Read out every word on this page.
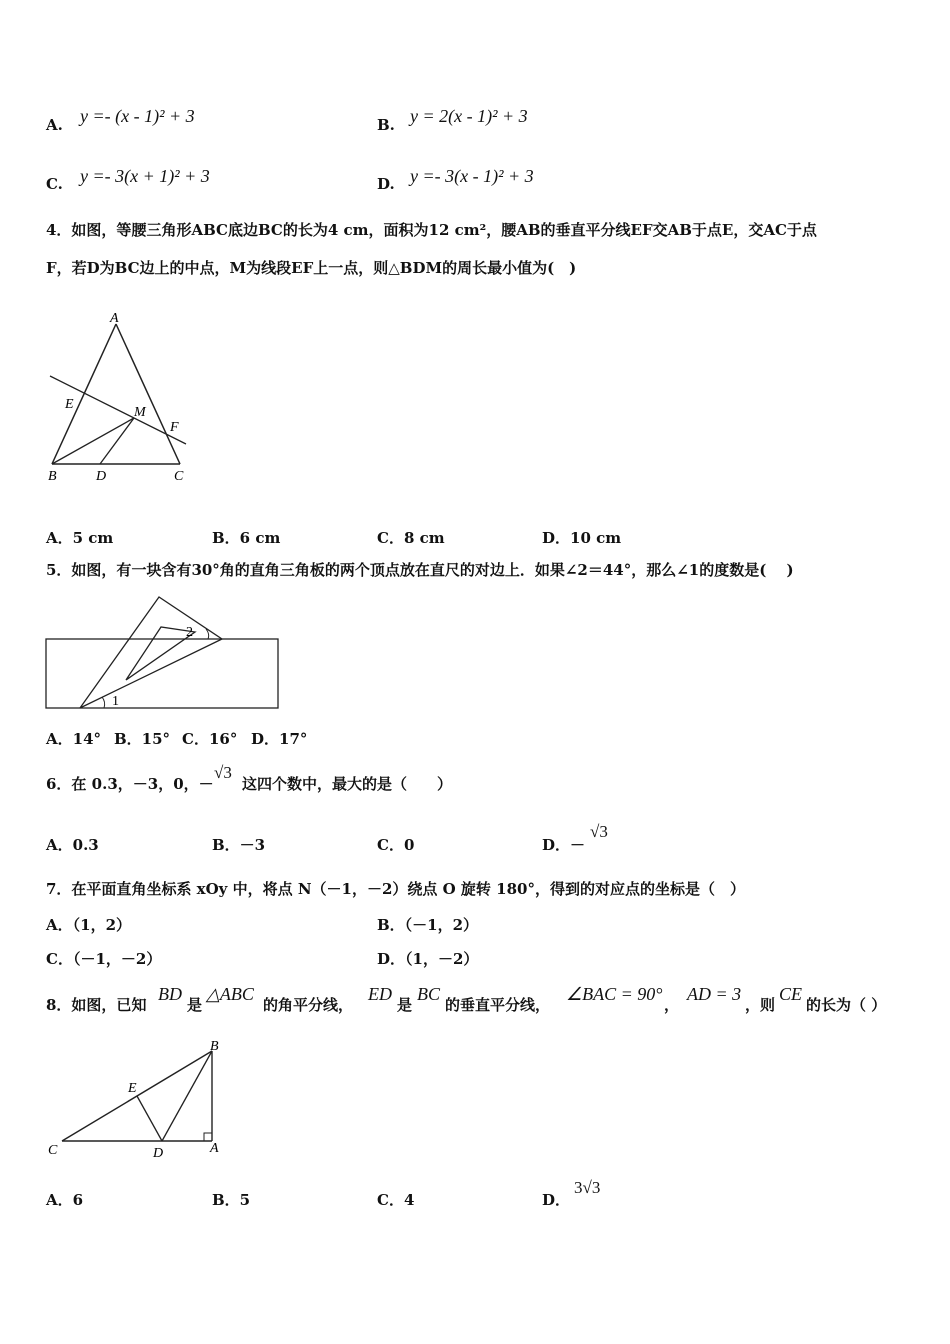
A. y =- (x - 1)² + 3	B. y = 2(x - 1)² + 3
C. y =- 3(x + 1)² + 3	D. y =- 3(x - 1)² + 3
4．如图，等腰三角形ABC底边BC的长为4 cm，面积为12 cm²，腰AB的垂直平分线EF交AB于点E，交AC于点
F，若D为BC边上的中点，M为线段EF上一点，则△BDM的周长最小值为(　)
A
E
M
F
B	D	C
A．5 cm	B．6 cm	C．8 cm	D．10 cm
5．如图，有一块含有30°角的直角三角板的两个顶点放在直尺的对边上．如果∠2＝44°，那么∠1的度数是(　 )
2
1
A．14° B．15° C．16° D．17°
6．在 0.3，－3，0，－
√3
这四个数中，最大的是（　　）
A．0.3	B．－3	C．0	D．－
√3
7．在平面直角坐标系 xOy 中，将点 N（－1，－2）绕点 O 旋转 180°，得到的对应点的坐标是（　）
A．（1，2）	B．（－1，2）
C．（－1，－2）	D．（1，－2）
8．如图，已知
BD
是
△ABC
的角平分线，
ED
是
BC
的垂直平分线，
∠BAC = 90°
，
AD = 3
，则
CE
的长为（ ）
B
E
C	D	A
A．6	B．5	C．4	D．
3√3
